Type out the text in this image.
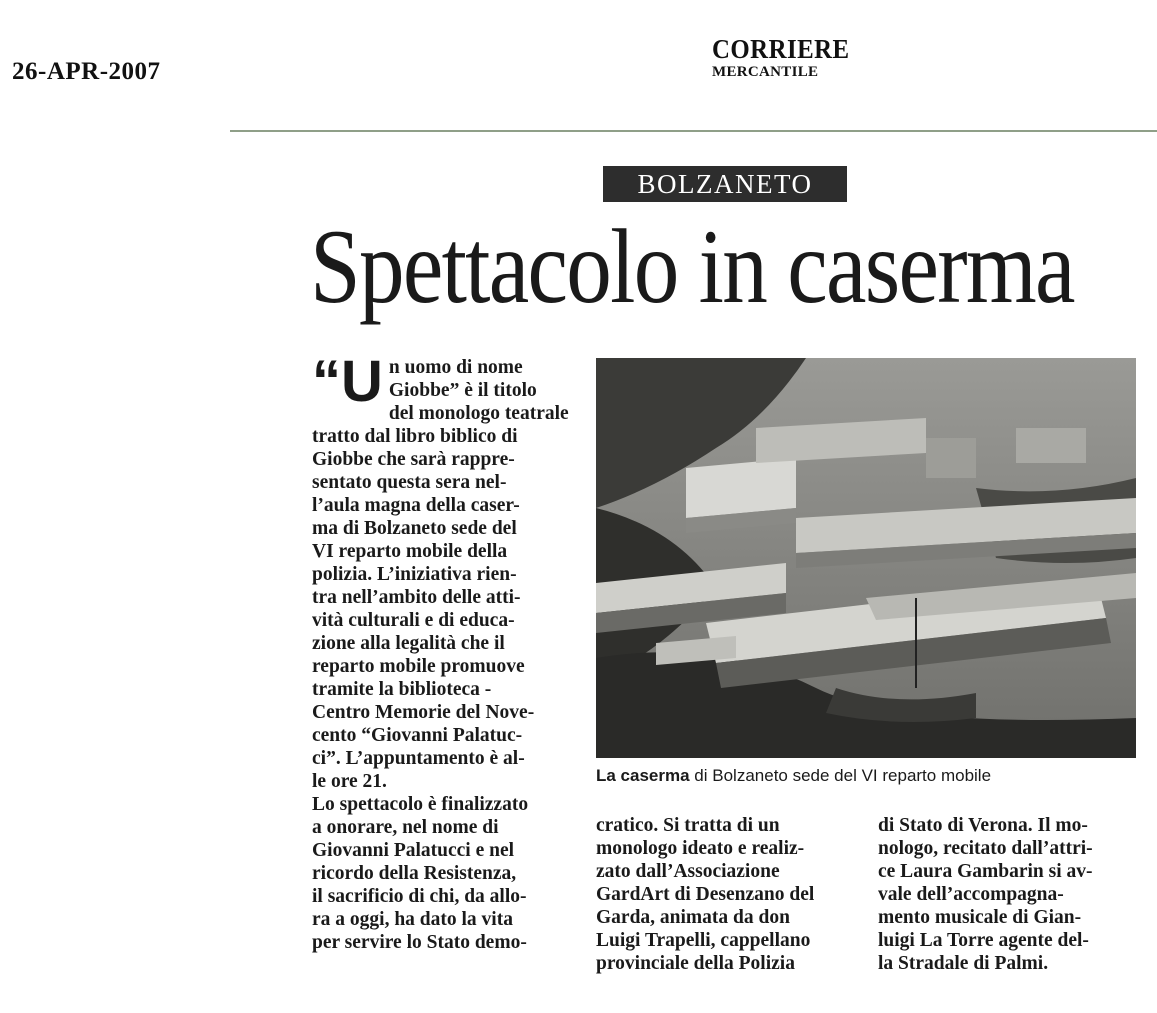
26-APR-2007
CORRIERE
MERCANTILE
BOLZANETO
Spettacolo in caserma
“U n uomo di nome
Giobbe” è il titolo
del monologo teatrale
tratto dal libro biblico di
Giobbe che sarà rappre-
sentato questa sera nel-
l’aula magna della caser-
ma di Bolzaneto sede del
VI reparto mobile della
polizia. L’iniziativa rien-
tra nell’ambito delle atti-
vità culturali e di educa-
zione alla legalità che il
reparto mobile promuove
tramite la biblioteca -
Centro Memorie del Nove-
cento “Giovanni Palatuc-
ci”. L’appuntamento è al-
le ore 21.
Lo spettacolo è finalizzato
a onorare, nel nome di
Giovanni Palatucci e nel
ricordo della Resistenza,
il sacrificio di chi, da allo-
ra a oggi, ha dato la vita
per servire lo Stato demo-
La caserma di Bolzaneto sede del VI reparto mobile
cratico. Si tratta di un
monologo ideato e realiz-
zato dall’Associazione
GardArt di Desenzano del
Garda, animata da don
Luigi Trapelli, cappellano
provinciale della Polizia
di Stato di Verona. Il mo-
nologo, recitato dall’attri-
ce Laura Gambarin si av-
vale dell’accompagna-
mento musicale di Gian-
luigi La Torre agente del-
la Stradale di Palmi.
